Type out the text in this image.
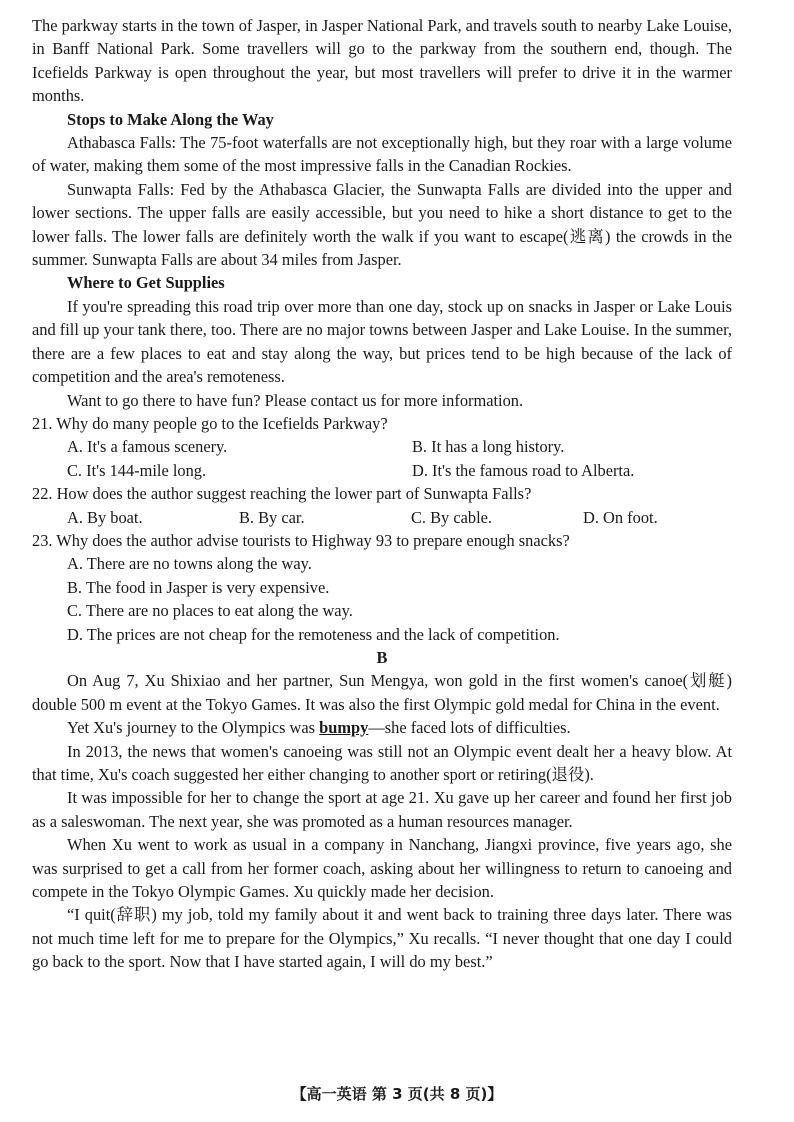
The parkway starts in the town of Jasper, in Jasper National Park, and travels south to nearby Lake Louise, in Banff National Park. Some travellers will go to the parkway from the southern end, though. The Icefields Parkway is open throughout the year, but most travellers will prefer to drive it in the warmer months.

Stops to Make Along the Way

Athabasca Falls: The 75-foot waterfalls are not exceptionally high, but they roar with a large volume of water, making them some of the most impressive falls in the Canadian Rockies.

Sunwapta Falls: Fed by the Athabasca Glacier, the Sunwapta Falls are divided into the upper and lower sections. The upper falls are easily accessible, but you need to hike a short distance to get to the lower falls. The lower falls are definitely worth the walk if you want to escape(逃离) the crowds in the summer. Sunwapta Falls are about 34 miles from Jasper.

Where to Get Supplies

If you're spreading this road trip over more than one day, stock up on snacks in Jasper or Lake Louis and fill up your tank there, too. There are no major towns between Jasper and Lake Louise. In the summer, there are a few places to eat and stay along the way, but prices tend to be high because of the lack of competition and the area's remoteness.

Want to go there to have fun? Please contact us for more information.

21. Why do many people go to the Icefields Parkway?
A. It's a famous scenery.	B. It has a long history.
C. It's 144-mile long.	D. It's the famous road to Alberta.
22. How does the author suggest reaching the lower part of Sunwapta Falls?
A. By boat.	B. By car.	C. By cable.	D. On foot.
23. Why does the author advise tourists to Highway 93 to prepare enough snacks?
A. There are no towns along the way.
B. The food in Jasper is very expensive.
C. There are no places to eat along the way.
D. The prices are not cheap for the remoteness and the lack of competition.
B

On Aug 7, Xu Shixiao and her partner, Sun Mengya, won gold in the first women's canoe(划艇) double 500 m event at the Tokyo Games. It was also the first Olympic gold medal for China in the event.

Yet Xu's journey to the Olympics was bumpy—she faced lots of difficulties.

In 2013, the news that women's canoeing was still not an Olympic event dealt her a heavy blow. At that time, Xu's coach suggested her either changing to another sport or retiring(退役).

It was impossible for her to change the sport at age 21. Xu gave up her career and found her first job as a saleswoman. The next year, she was promoted as a human resources manager.

When Xu went to work as usual in a company in Nanchang, Jiangxi province, five years ago, she was surprised to get a call from her former coach, asking about her willingness to return to canoeing and compete in the Tokyo Olympic Games. Xu quickly made her decision.

“I quit(辞职) my job, told my family about it and went back to training three days later. There was not much time left for me to prepare for the Olympics,” Xu recalls. “I never thought that one day I could go back to the sport. Now that I have started again, I will do my best.”

【高一英语 第 3 页(共 8 页)】
